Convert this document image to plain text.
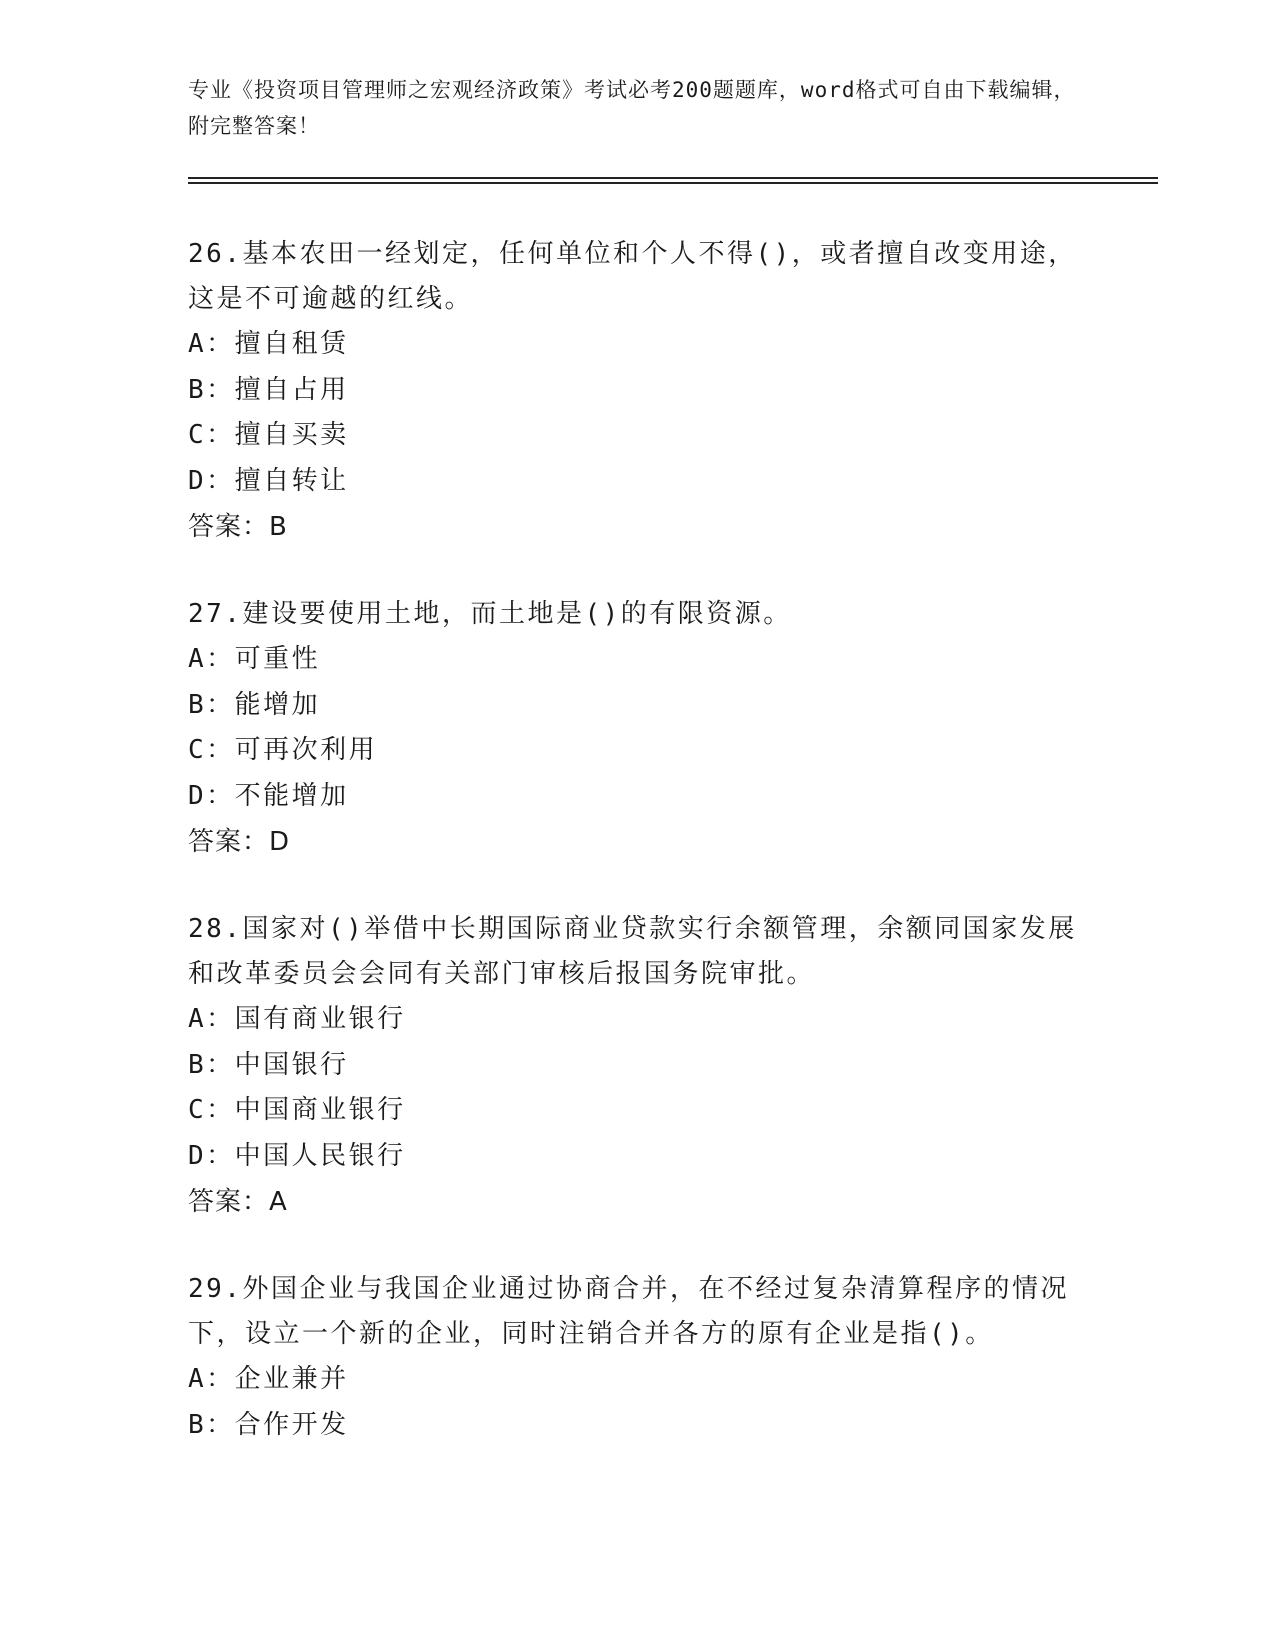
专业《投资项目管理师之宏观经济政策》考试必考200题题库，word格式可自由下载编辑，附完整答案！

26.基本农田一经划定，任何单位和个人不得()，或者擅自改变用途，这是不可逾越的红线。

A：擅自租赁

B：擅自占用

C：擅自买卖

D：擅自转让

答案：B

27.建设要使用土地，而土地是()的有限资源。

A：可重性

B：能增加

C：可再次利用

D：不能增加

答案：D

28.国家对()举借中长期国际商业贷款实行余额管理，余额同国家发展和改革委员会会同有关部门审核后报国务院审批。

A：国有商业银行

B：中国银行

C：中国商业银行

D：中国人民银行

答案：A

29.外国企业与我国企业通过协商合并，在不经过复杂清算程序的情况下，设立一个新的企业，同时注销合并各方的原有企业是指()。

A：企业兼并

B：合作开发
